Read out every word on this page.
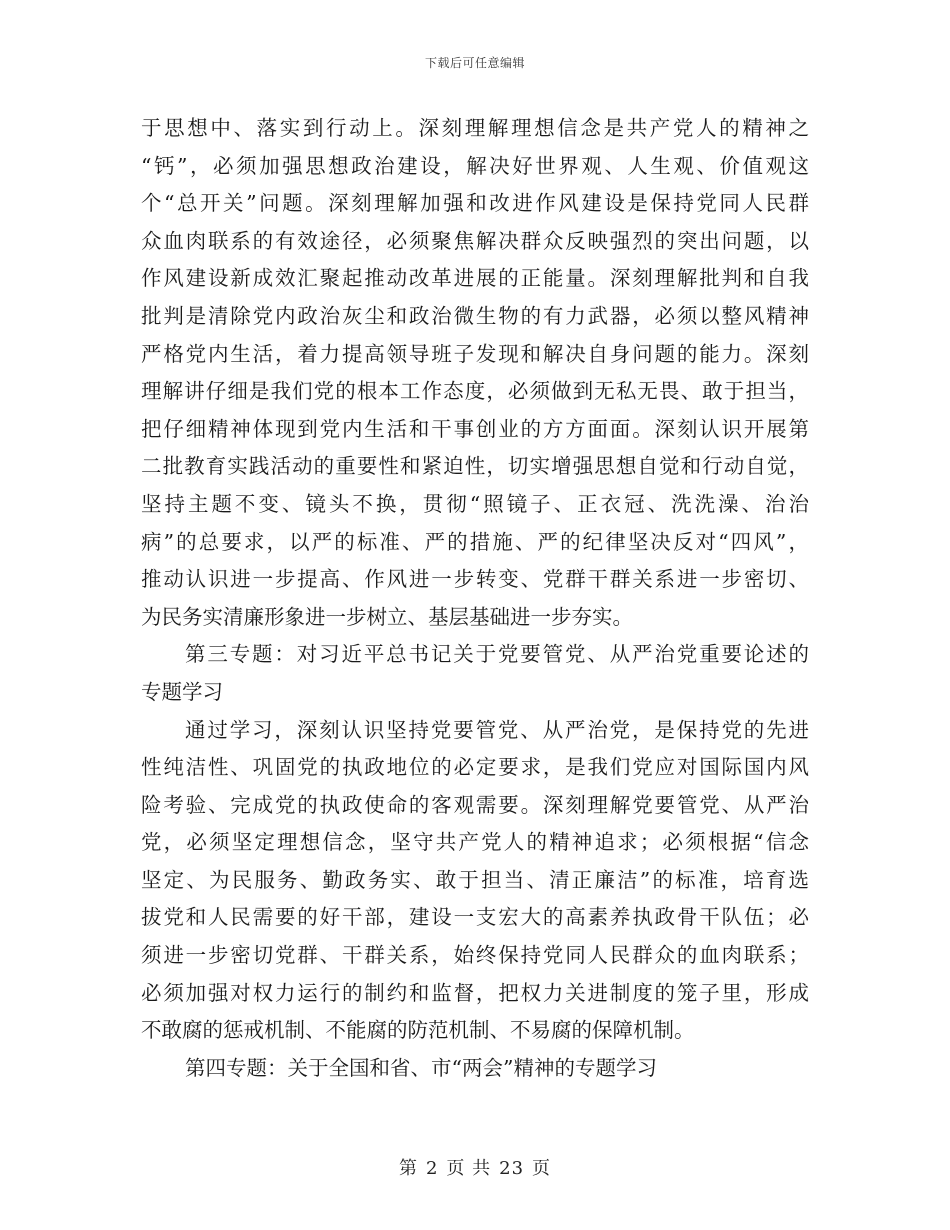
下载后可任意编辑
于思想中、落实到行动上。深刻理解理想信念是共产党人的精神之
“钙”，必须加强思想政治建设，解决好世界观、人生观、价值观这
个“总开关”问题。深刻理解加强和改进作风建设是保持党同人民群
众血肉联系的有效途径，必须聚焦解决群众反映强烈的突出问题，以
作风建设新成效汇聚起推动改革进展的正能量。深刻理解批判和自我
批判是清除党内政治灰尘和政治微生物的有力武器，必须以整风精神
严格党内生活，着力提高领导班子发现和解决自身问题的能力。深刻
理解讲仔细是我们党的根本工作态度，必须做到无私无畏、敢于担当，
把仔细精神体现到党内生活和干事创业的方方面面。深刻认识开展第
二批教育实践活动的重要性和紧迫性，切实增强思想自觉和行动自觉，
坚持主题不变、镜头不换，贯彻“照镜子、正衣冠、洗洗澡、治治
病”的总要求，以严的标准、严的措施、严的纪律坚决反对“四风”，
推动认识进一步提高、作风进一步转变、党群干群关系进一步密切、
为民务实清廉形象进一步树立、基层基础进一步夯实。
第三专题：对习近平总书记关于党要管党、从严治党重要论述的
专题学习
通过学习，深刻认识坚持党要管党、从严治党，是保持党的先进
性纯洁性、巩固党的执政地位的必定要求，是我们党应对国际国内风
险考验、完成党的执政使命的客观需要。深刻理解党要管党、从严治
党，必须坚定理想信念，坚守共产党人的精神追求；必须根据“信念
坚定、为民服务、勤政务实、敢于担当、清正廉洁”的标准，培育选
拔党和人民需要的好干部，建设一支宏大的高素养执政骨干队伍；必
须进一步密切党群、干群关系，始终保持党同人民群众的血肉联系；
必须加强对权力运行的制约和监督，把权力关进制度的笼子里，形成
不敢腐的惩戒机制、不能腐的防范机制、不易腐的保障机制。
第四专题：关于全国和省、市“两会”精神的专题学习
第 2 页 共 23 页
